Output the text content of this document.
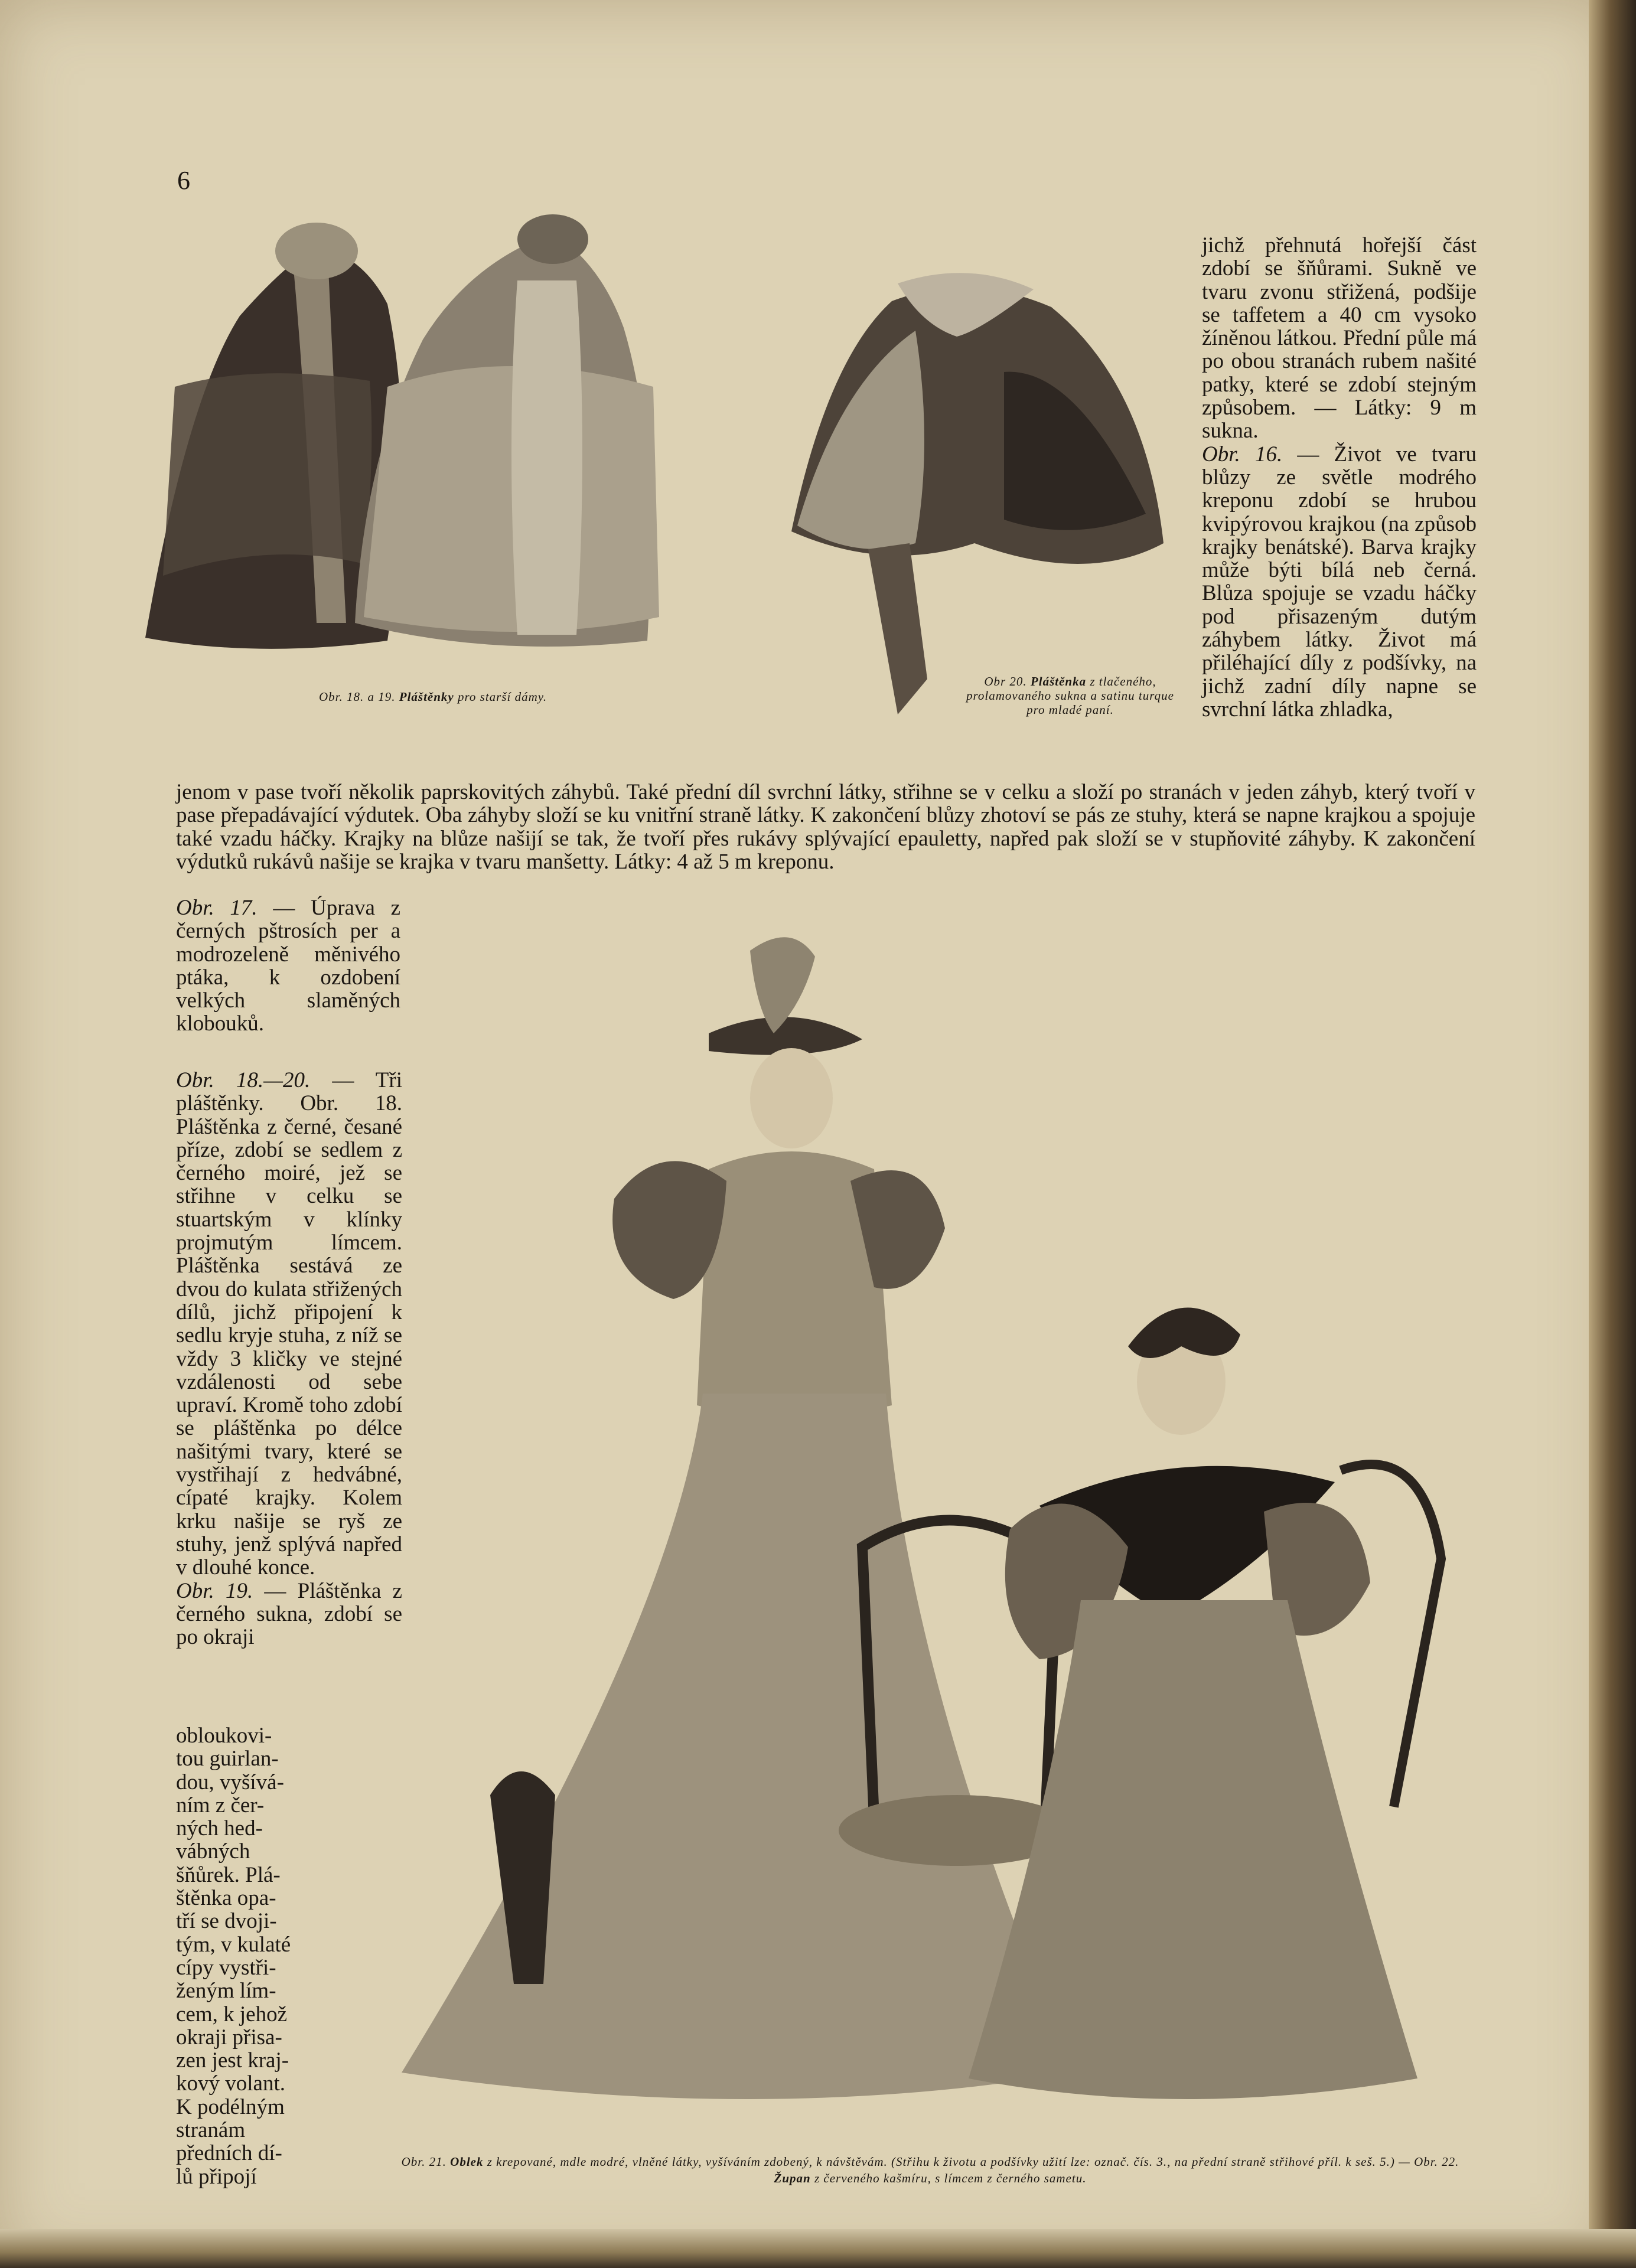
6
Obr. 18. a 19. Pláštěnky pro starší dámy.
Obr 20. Pláštěnka z tlačeného, prolamovaného sukna a satinu turque pro mladé paní.

jichž přehnutá hořejší část zdobí se šňůrami. Sukně ve tvaru zvonu střižená, podšije se taffetem a 40 cm vysoko žíněnou látkou. Přední půle má po obou stranách rubem našité patky, které se zdobí stejným způsobem. — Látky: 9 m sukna.

Obr. 16. — Život ve tvaru blůzy ze světle modrého kreponu zdobí se hrubou kvipýrovou krajkou (na způsob krajky benátské). Barva krajky může býti bílá neb černá. Blůza spojuje se vzadu háčky pod přisazeným dutým záhybem látky. Život má přiléhající díly z podšívky, na jichž zadní díly napne se svrchní látka zhladka,

jenom v pase tvoří několik paprskovitých záhybů. Také přední díl svrchní látky, střihne se v celku a složí po stranách v jeden záhyb, který tvoří v pase přepadávající výdutek. Oba záhyby složí se ku vnitřní straně látky. K zakončení blůzy zhotoví se pás ze stuhy, která se napne krajkou a spojuje také vzadu háčky. Krajky na blůze našijí se tak, že tvoří přes rukávy splývající epauletty, napřed pak složí se v stupňovité záhyby. K zakončení výdutků rukávů našije se krajka v tvaru manšetty. Látky: 4 až 5 m kreponu.

Obr. 17. — Úprava z černých pštrosích per a modrozeleně měnivého ptáka, k ozdobení velkých slaměných klobouků.

Obr. 18.—20. — Tři pláštěnky. Obr. 18. Pláštěnka z černé, česané příze, zdobí se sedlem z černého moiré, jež se střihne v celku se stuartským v klínky projmutým límcem. Pláštěnka sestává ze dvou do kulata střižených dílů, jichž připojení k sedlu kryje stuha, z níž se vždy 3 kličky ve stejné vzdálenosti od sebe upraví. Kromě toho zdobí se pláštěnka po délce našitými tvary, které se vystřihají z hedvábné, cípaté krajky. Kolem krku našije se ryš ze stuhy, jenž splývá napřed v dlouhé konce.

Obr. 19. — Pláštěnka z černého sukna, zdobí se po okraji

obloukovi-
tou guirlan-
dou, vyšívá-
ním z čer-
ných hed-
vábných
šňůrek. Plá-
štěnka opa-
tří se dvoji-
tým, v kulaté
cípy vystři-
ženým lím-
cem, k jehož
okraji přisa-
zen jest kraj-
kový volant.
K podélným
stranám
předních dí-
lů připojí
Obr. 21. Oblek z krepované, mdle modré, vlněné látky, vyšíváním zdobený, k návštěvám. (Střihu k životu a podšívky užití lze: označ. čís. 3., na přední straně střihové příl. k seš. 5.) — Obr. 22. Župan z červeného kašmíru, s límcem z černého sametu.
